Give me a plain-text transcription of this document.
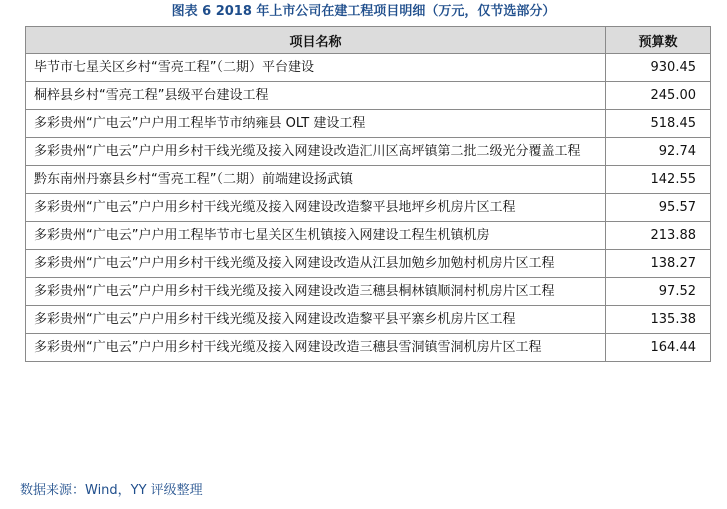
图表 6 2018 年上市公司在建工程项目明细（万元，仅节选部分）
项目名称	预算数
毕节市七星关区乡村“雪亮工程”（二期）平台建设	930.45
桐梓县乡村“雪亮工程”县级平台建设工程	245.00
多彩贵州“广电云”户户用工程毕节市纳雍县 OLT 建设工程	518.45
多彩贵州“广电云”户户用乡村干线光缆及接入网建设改造汇川区高坪镇第二批二级光分覆盖工程	92.74
黔东南州丹寨县乡村“雪亮工程”（二期）前端建设扬武镇	142.55
多彩贵州“广电云”户户用乡村干线光缆及接入网建设改造黎平县地坪乡机房片区工程	95.57
多彩贵州“广电云”户户用工程毕节市七星关区生机镇接入网建设工程生机镇机房	213.88
多彩贵州“广电云”户户用乡村干线光缆及接入网建设改造从江县加勉乡加勉村机房片区工程	138.27
多彩贵州“广电云”户户用乡村干线光缆及接入网建设改造三穗县桐林镇顺洞村机房片区工程	97.52
多彩贵州“广电云”户户用乡村干线光缆及接入网建设改造黎平县平寨乡机房片区工程	135.38
多彩贵州“广电云”户户用乡村干线光缆及接入网建设改造三穗县雪洞镇雪洞机房片区工程	164.44
数据来源：Wind，YY 评级整理
